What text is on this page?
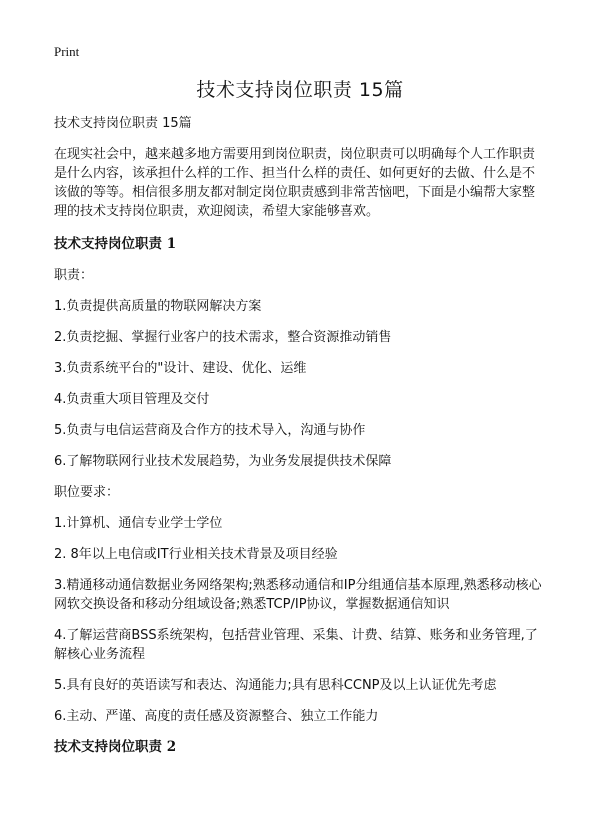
Print
技术支持岗位职责 15篇
技术支持岗位职责 15篇
在现实社会中，越来越多地方需要用到岗位职责，岗位职责可以明确每个人工作职责是什么内容，该承担什么样的工作、担当什么样的责任、如何更好的去做、什么是不该做的等等。相信很多朋友都对制定岗位职责感到非常苦恼吧，下面是小编帮大家整理的技术支持岗位职责，欢迎阅读，希望大家能够喜欢。
技术支持岗位职责 1
职责：
1.负责提供高质量的物联网解决方案
2.负责挖掘、掌握行业客户的技术需求，整合资源推动销售
3.负责系统平台的"设计、建设、优化、运维
4.负责重大项目管理及交付
5.负责与电信运营商及合作方的技术导入，沟通与协作
6.了解物联网行业技术发展趋势，为业务发展提供技术保障
职位要求：
1.计算机、通信专业学士学位
2. 8年以上电信或IT行业相关技术背景及项目经验
3.精通移动通信数据业务网络架构;熟悉移动通信和IP分组通信基本原理,熟悉移动核心网软交换设备和移动分组域设备;熟悉TCP/IP协议，掌握数据通信知识
4.了解运营商BSS系统架构，包括营业管理、采集、计费、结算、账务和业务管理,了解核心业务流程
5.具有良好的英语读写和表达、沟通能力;具有思科CCNP及以上认证优先考虑
6.主动、严谨、高度的责任感及资源整合、独立工作能力
技术支持岗位职责 2
